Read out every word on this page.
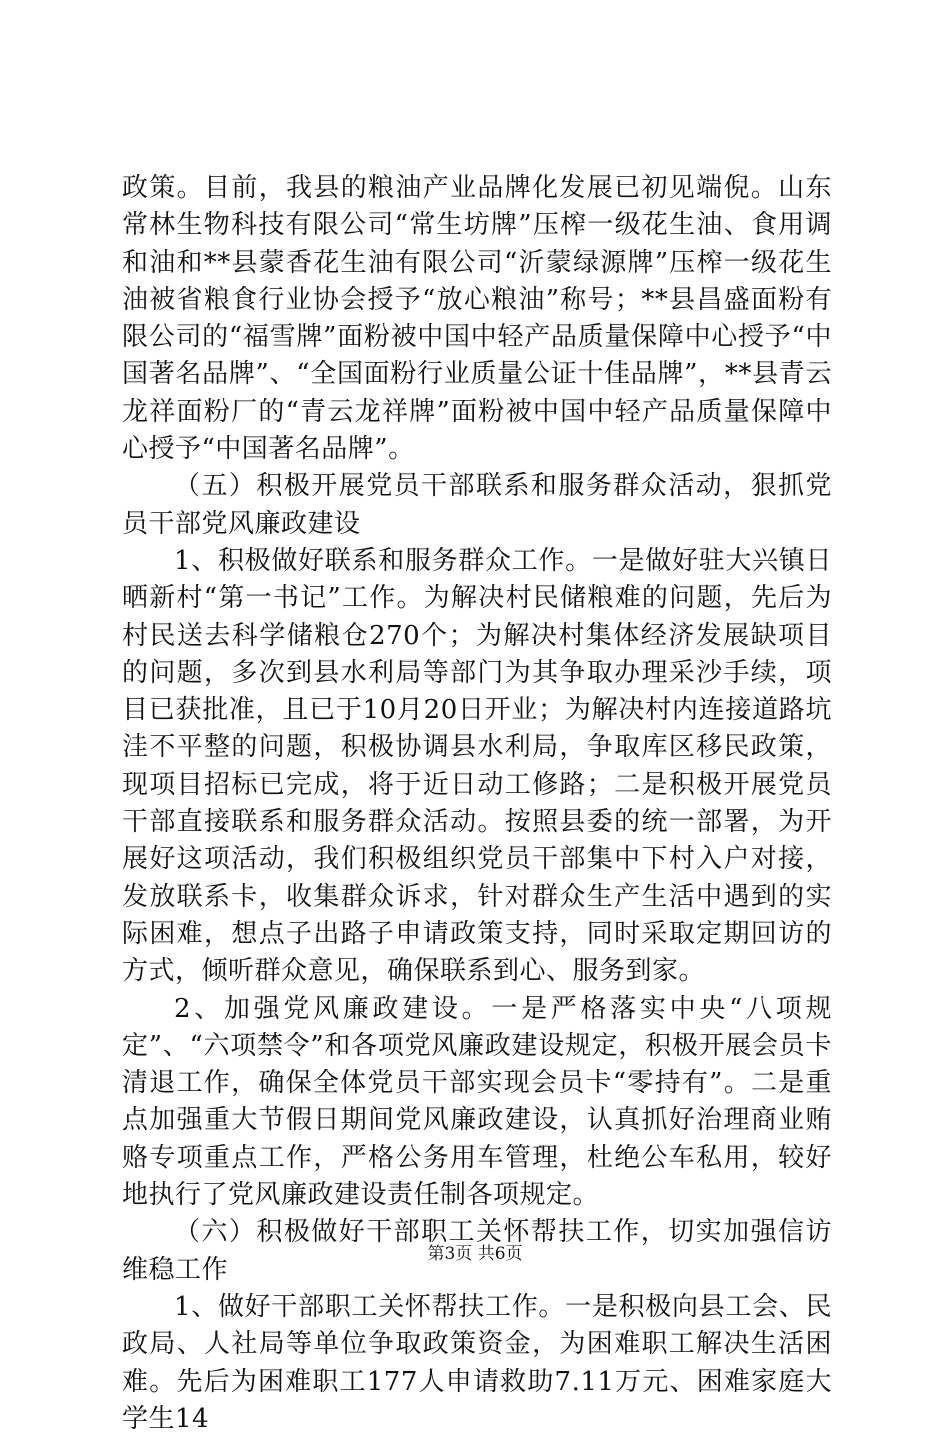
政策。目前，我县的粮油产业品牌化发展已初见端倪。山东常林生物科技有限公司“常生坊牌”压榨一级花生油、食用调和油和**县蒙香花生油有限公司“沂蒙绿源牌”压榨一级花生油被省粮食行业协会授予“放心粮油”称号；**县昌盛面粉有限公司的“福雪牌”面粉被中国中轻产品质量保障中心授予“中国著名品牌”、“全国面粉行业质量公证十佳品牌”，**县青云龙祥面粉厂的“青云龙祥牌”面粉被中国中轻产品质量保障中心授予“中国著名品牌”。

（五）积极开展党员干部联系和服务群众活动，狠抓党员干部党风廉政建设

1、积极做好联系和服务群众工作。一是做好驻大兴镇日晒新村“第一书记”工作。为解决村民储粮难的问题，先后为村民送去科学储粮仓270个；为解决村集体经济发展缺项目的问题，多次到县水利局等部门为其争取办理采沙手续，项目已获批准，且已于10月20日开业；为解决村内连接道路坑洼不平整的问题，积极协调县水利局，争取库区移民政策，现项目招标已完成，将于近日动工修路；二是积极开展党员干部直接联系和服务群众活动。按照县委的统一部署，为开展好这项活动，我们积极组织党员干部集中下村入户对接，发放联系卡，收集群众诉求，针对群众生产生活中遇到的实际困难，想点子出路子申请政策支持，同时采取定期回访的方式，倾听群众意见，确保联系到心、服务到家。

2、加强党风廉政建设。一是严格落实中央“八项规定”、“六项禁令”和各项党风廉政建设规定，积极开展会员卡清退工作，确保全体党员干部实现会员卡“零持有”。二是重点加强重大节假日期间党风廉政建设，认真抓好治理商业贿赂专项重点工作，严格公务用车管理，杜绝公车私用，较好地执行了党风廉政建设责任制各项规定。

（六）积极做好干部职工关怀帮扶工作，切实加强信访维稳工作

1、做好干部职工关怀帮扶工作。一是积极向县工会、民政局、人社局等单位争取政策资金，为困难职工解决生活困难。先后为困难职工177人申请救助7.11万元、困难家庭大学生14

第3页 共6页
